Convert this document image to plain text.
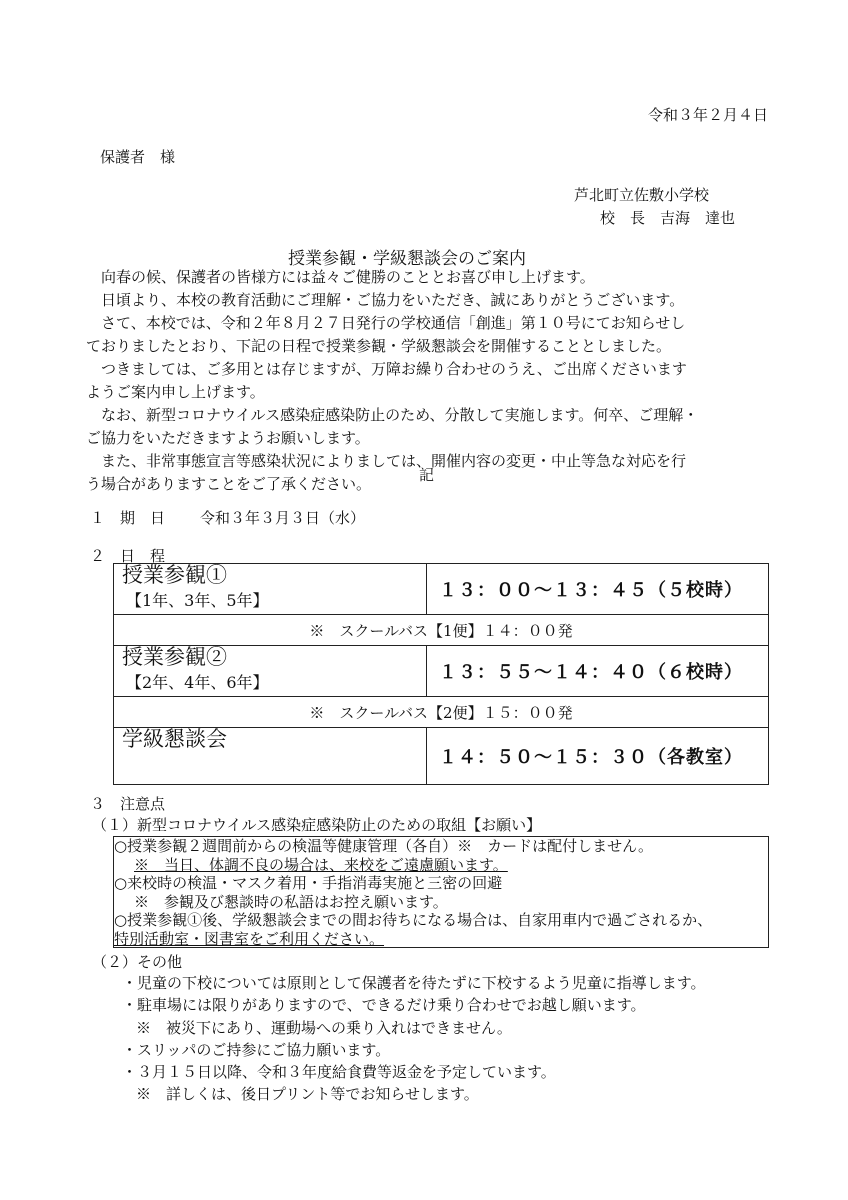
令和３年２月４日
保護者　様
芦北町立佐敷小学校
校　長　吉海　達也
授業参観・学級懇談会のご案内

　向春の候、保護者の皆様方には益々ご健勝のこととお喜び申し上げます。

　日頃より、本校の教育活動にご理解・ご協力をいただき、誠にありがとうございます。

　さて、本校では、令和２年８月２７日発行の学校通信「創進」第１０号にてお知らせし

ておりましたとおり、下記の日程で授業参観・学級懇談会を開催することとしました。

　つきましては、ご多用とは存じますが、万障お繰り合わせのうえ、ご出席くださいます

ようご案内申し上げます。

　なお、新型コロナウイルス感染症感染防止のため、分散して実施します。何卒、ご理解・

ご協力をいただきますようお願いします。

　また、非常事態宣言等感染状況によりましては、開催内容の変更・中止等急な対応を行

う場合がありますことをご了承ください。	記
１　期　日 令和３年３月３日（水）
２　日　程
授業参観①
【1年、3年、5年】	１３：００～１３：４５（５校時）
※　スクールバス【1便】１４：００発	

授業参観②
【2年、4年、6年】	１３：５５～１４：４０（６校時）
※　スクールバス【2便】１５：００発	

学級懇談会	１４：５０～１５：３０（各教室）
３　注意点
（１）新型コロナウイルス感染症感染防止のための取組【お願い】
○授業参観２週間前からの検温等健康管理（各自）※　カードは配付しません。
※　当日、体調不良の場合は、来校をご遠慮願います。
○来校時の検温・マスク着用・手指消毒実施と三密の回避
※　参観及び懇談時の私語はお控え願います。
○授業参観①後、学級懇談会までの間お待ちになる場合は、自家用車内で過ごされるか、
特別活動室・図書室をご利用ください。
（２）その他
・児童の下校については原則として保護者を待たずに下校するよう児童に指導します。
・駐車場には限りがありますので、できるだけ乗り合わせでお越し願います。
※　被災下にあり、運動場への乗り入れはできません。
・スリッパのご持参にご協力願います。
・３月１５日以降、令和３年度給食費等返金を予定しています。
※　詳しくは、後日プリント等でお知らせします。
